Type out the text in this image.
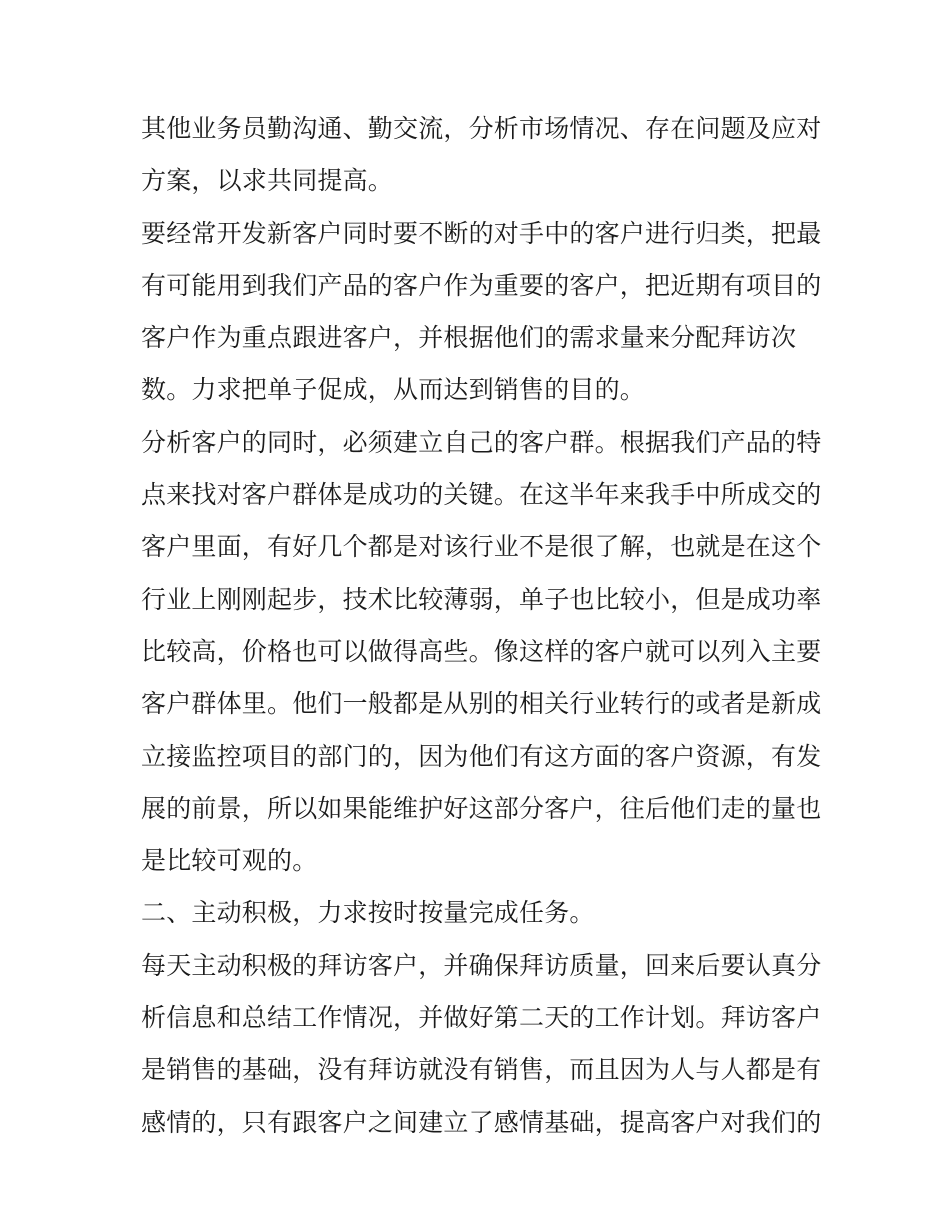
其他业务员勤沟通、勤交流，分析市场情况、存在问题及应对
方案，以求共同提高。
要经常开发新客户同时要不断的对手中的客户进行归类，把最
有可能用到我们产品的客户作为重要的客户，把近期有项目的
客户作为重点跟进客户，并根据他们的需求量来分配拜访次
数。力求把单子促成，从而达到销售的目的。
分析客户的同时，必须建立自己的客户群。根据我们产品的特
点来找对客户群体是成功的关键。在这半年来我手中所成交的
客户里面，有好几个都是对该行业不是很了解，也就是在这个
行业上刚刚起步，技术比较薄弱，单子也比较小，但是成功率
比较高，价格也可以做得高些。像这样的客户就可以列入主要
客户群体里。他们一般都是从别的相关行业转行的或者是新成
立接监控项目的部门的，因为他们有这方面的客户资源，有发
展的前景，所以如果能维护好这部分客户，往后他们走的量也
是比较可观的。
二、主动积极，力求按时按量完成任务。
每天主动积极的拜访客户，并确保拜访质量，回来后要认真分
析信息和总结工作情况，并做好第二天的工作计划。拜访客户
是销售的基础，没有拜访就没有销售，而且因为人与人都是有
感情的，只有跟客户之间建立了感情基础，提高客户对我们的
